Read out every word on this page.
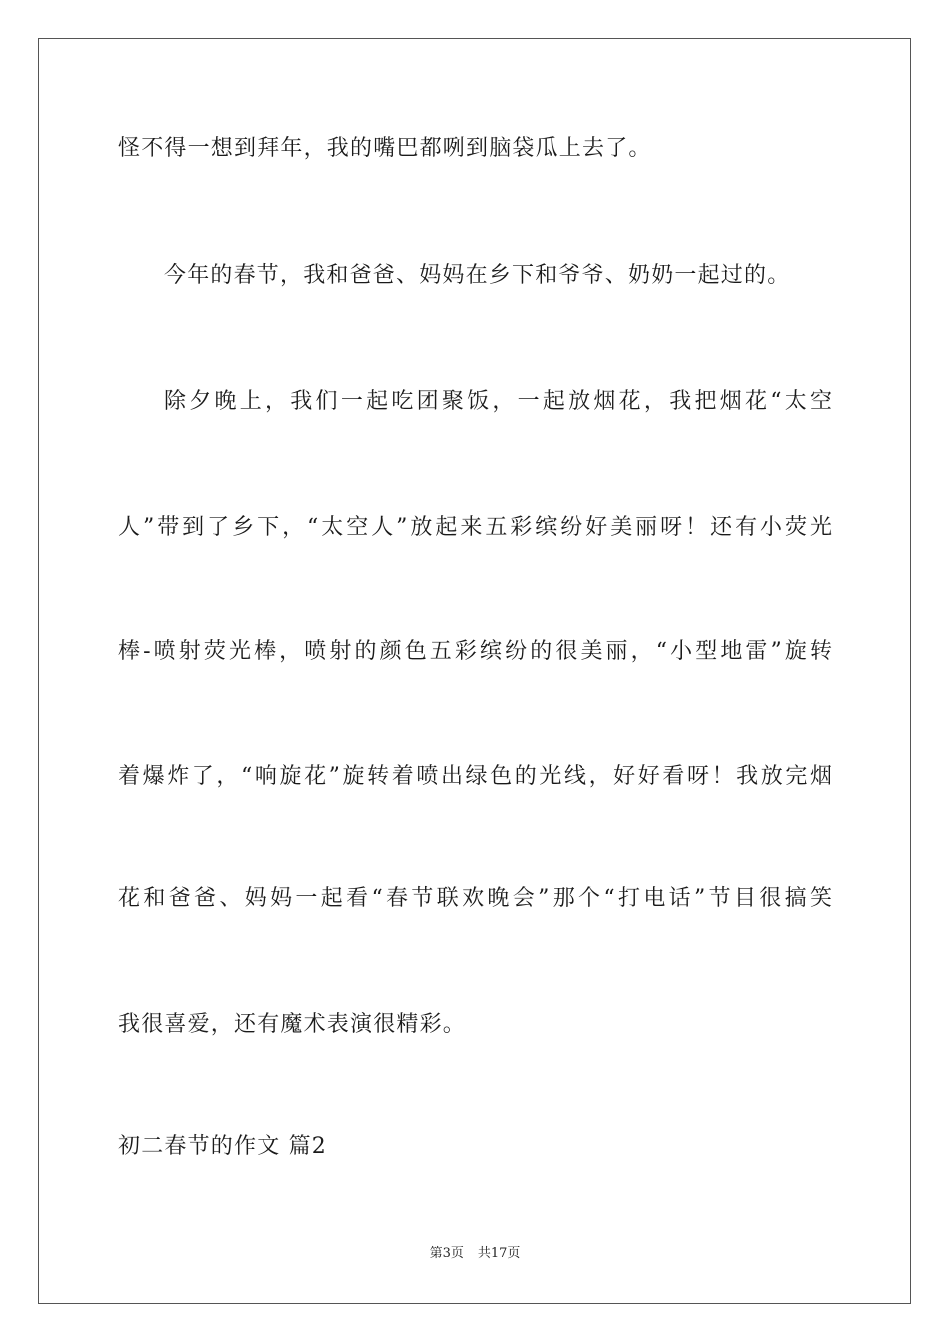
怪不得一想到拜年，我的嘴巴都咧到脑袋瓜上去了。

今年的春节，我和爸爸、妈妈在乡下和爷爷、奶奶一起过的。

除夕晚上，我们一起吃团聚饭，一起放烟花，我把烟花“太空

人”带到了乡下，“太空人”放起来五彩缤纷好美丽呀！还有小荧光

棒-喷射荧光棒，喷射的颜色五彩缤纷的很美丽，“小型地雷”旋转

着爆炸了，“响旋花”旋转着喷出绿色的光线，好好看呀！我放完烟

花和爸爸、妈妈一起看“春节联欢晚会”那个“打电话”节目很搞笑

我很喜爱，还有魔术表演很精彩。

初二春节的作文 篇2

第3页 共17页
